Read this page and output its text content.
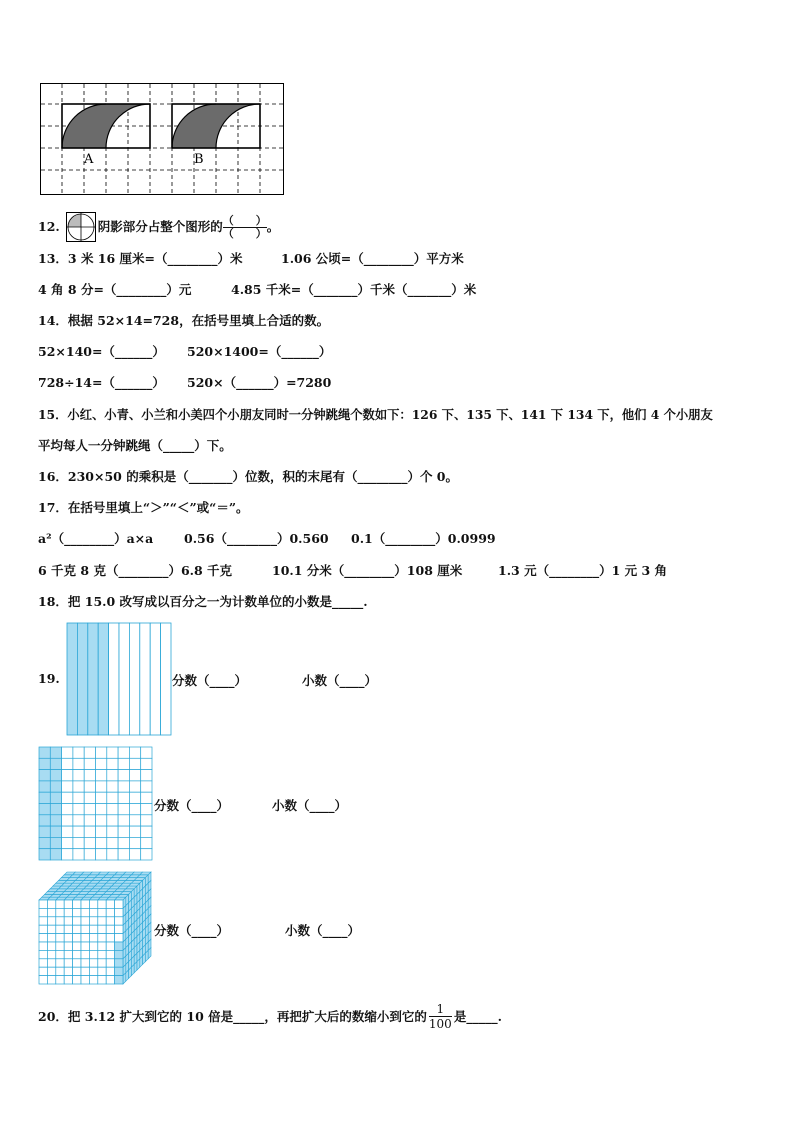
A	B
12.	阴影部分占整个图形的 $\frac{( )}{( )}$ 。
13．3 米 16 厘米=（________）米	1.06 公顷=（________）平方米
4 角 8 分=（________）元	4.85 千米=（_______）千米（_______）米
14．根据 52×14=728，在括号里填上合适的数。
52×140=（______） 520×1400=（______）
728÷14=（______） 520×（______）=7280
15．小红、小青、小兰和小美四个小朋友同时一分钟跳绳个数如下：126 下、135 下、141 下 134 下，他们 4 个小朋友
平均每人一分钟跳绳（_____）下。
16．230×50 的乘积是（_______）位数，积的末尾有（________）个 0。
17．在括号里填上“＞”“＜”或“＝”。
a²（________）a×a 0.56（________）0.560 0.1（________）0.0999
6 千克 8 克（________）6.8 千克	10.1 分米（________）108 厘米	1.3 元（________）1 元 3 角
18．把 15.0 改写成以百分之一为计数单位的小数是_____.
19.	分数（____）	小数（____）
分数（____）	小数（____）
分数（____）	小数（____）
20．把 3.12 扩大到它的 10 倍是_____，再把扩大后的数缩小到它的 $\frac{1}{100}$ 是_____.
